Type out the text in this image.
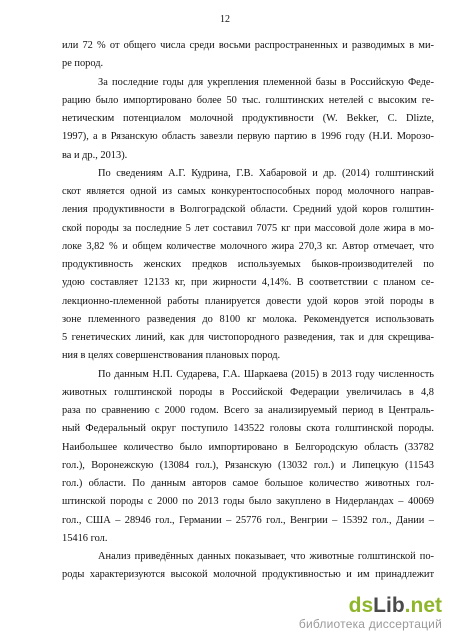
12
или 72 % от общего числа среди восьми распространенных и разводимых в ми-
ре пород.
За последние годы для укрепления племенной базы в Российскую Феде-
рацию было импортировано более 50 тыс. голштинских нетелей с высоким ге-
нетическим потенциалом молочной продуктивности (W. Bekker, C. Dlizte,
1997), а в Рязанскую область завезли первую партию в 1996 году (Н.И. Морозо-
ва и др., 2013).
По сведениям А.Г. Кудрина, Г.В. Хабаровой и др. (2014) голштинский
скот является одной из самых конкурентоспособных пород молочного направ-
ления продуктивности в Волгоградской области. Средний удой коров голштин-
ской породы за последние 5 лет составил 7075 кг при массовой доле жира в мо-
локе 3,82 % и общем количестве молочного жира 270,3 кг. Автор отмечает, что
продуктивность женских предков используемых быков-производителей по
удою составляет 12133 кг, при жирности 4,14%. В соответствии с планом се-
лекционно-племенной работы планируется довести удой коров этой породы в
зоне племенного разведения до 8100 кг молока. Рекомендуется использовать
5 генетических линий, как для чистопородного разведения, так и для скрещива-
ния в целях совершенствования плановых пород.
По данным Н.П. Сударева, Г.А. Шаркаева (2015) в 2013 году численность
животных голштинской породы в Российской Федерации увеличилась в 4,8
раза по сравнению с 2000 годом. Всего за анализируемый период в Централь-
ный Федеральный округ поступило 143522 головы скота голштинской породы.
Наибольшее количество было импортировано в Белгородскую область (33782
гол.), Воронежскую (13084 гол.), Рязанскую (13032 гол.) и Липецкую (11543
гол.) области. По данным авторов самое большое количество животных гол-
штинской породы с 2000 по 2013 годы было закуплено в Нидерландах – 40069
гол., США – 28946 гол., Германии – 25776 гол., Венгрии – 15392 гол., Дании –
15416 гол.
Анализ приведённых данных показывает, что животные голштинской по-
роды характеризуются высокой молочной продуктивностью и им принадлежит
dsLib.net
библиотека диссертаций
